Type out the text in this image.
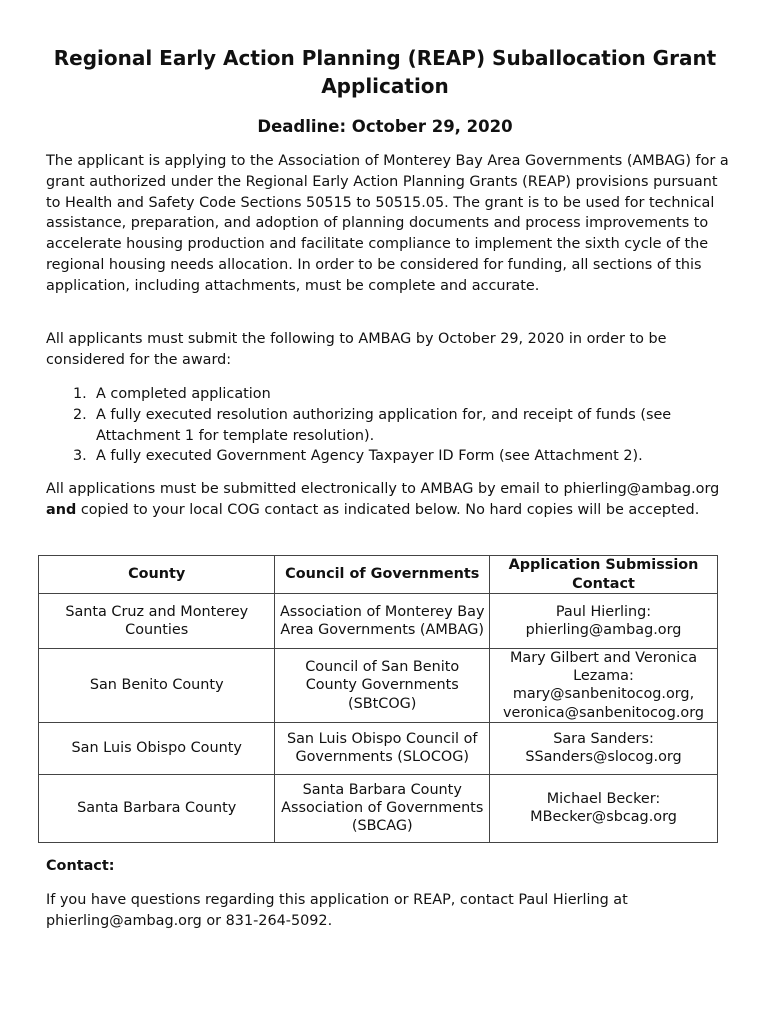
Regional Early Action Planning (REAP) Suballocation Grant Application
Deadline: October 29, 2020

The applicant is applying to the Association of Monterey Bay Area Governments (AMBAG) for a grant authorized under the Regional Early Action Planning Grants (REAP) provisions pursuant to Health and Safety Code Sections 50515 to 50515.05. The grant is to be used for technical assistance, preparation, and adoption of planning documents and process improvements to accelerate housing production and facilitate compliance to implement the sixth cycle of the regional housing needs allocation. In order to be considered for funding, all sections of this application, including attachments, must be complete and accurate.

All applicants must submit the following to AMBAG by October 29, 2020 in order to be considered for the award:

1. A completed application
2. A fully executed resolution authorizing application for, and receipt of funds (see Attachment 1 for template resolution).
3. A fully executed Government Agency Taxpayer ID Form (see Attachment 2).

All applications must be submitted electronically to AMBAG by email to phierling@ambag.org and copied to your local COG contact as indicated below. No hard copies will be accepted.

County	Council of Governments	Application Submission Contact
Santa Cruz and Monterey Counties	Association of Monterey Bay Area Governments (AMBAG)	Paul Hierling: phierling@ambag.org
San Benito County	Council of San Benito County Governments (SBtCOG)	Mary Gilbert and Veronica Lezama: mary@sanbenitocog.org, veronica@sanbenitocog.org
San Luis Obispo County	San Luis Obispo Council of Governments (SLOCOG)	Sara Sanders: SSanders@slocog.org
Santa Barbara County	Santa Barbara County Association of Governments (SBCAG)	Michael Becker: MBecker@sbcag.org
Contact:

If you have questions regarding this application or REAP, contact Paul Hierling at phierling@ambag.org or 831-264-5092.
